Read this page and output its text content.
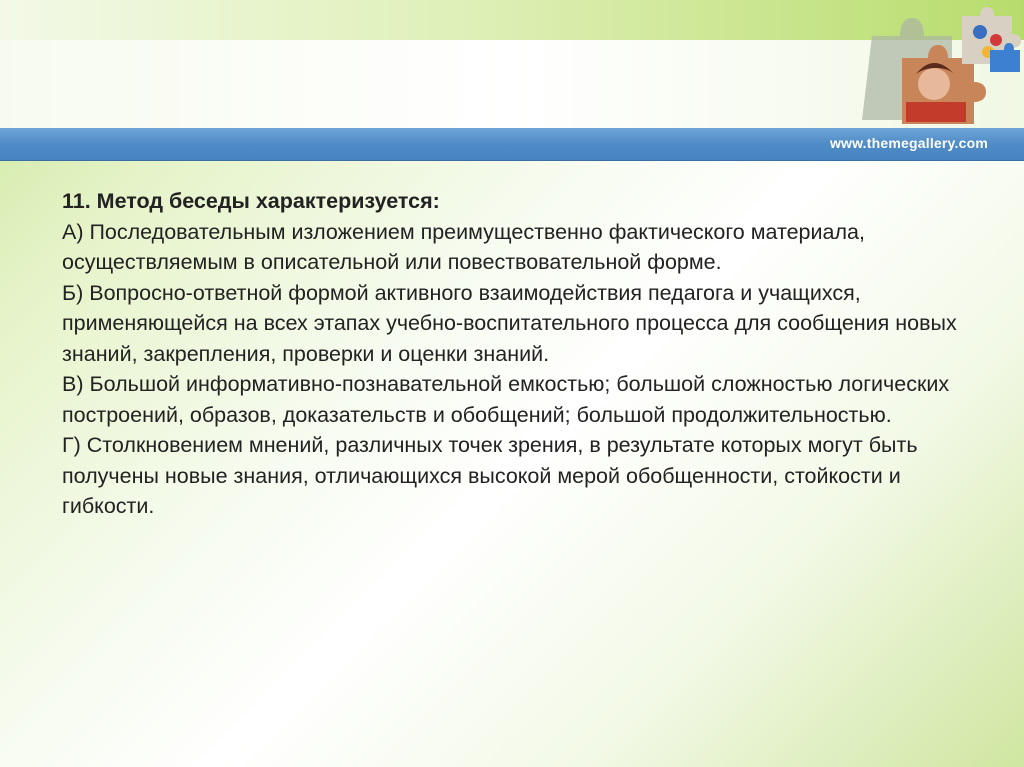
www.themegallery.com

11. Метод беседы характеризуется:

А) Последовательным изложением преимущественно фактического материала, осуществляемым в описательной или повествовательной форме.

Б) Вопросно-ответной формой активного взаимодействия педагога и учащихся, применяющейся на всех этапах учебно-воспитательного процесса для сообщения новых знаний, закрепления, проверки и оценки знаний.

В) Большой информативно-познавательной емкостью; большой сложностью логических построений, образов, доказательств и обобщений; большой продолжительностью.

Г) Столкновением мнений, различных точек зрения, в результате которых могут быть получены новые знания, отличающихся высокой мерой обобщенности, стойкости и гибкости.
